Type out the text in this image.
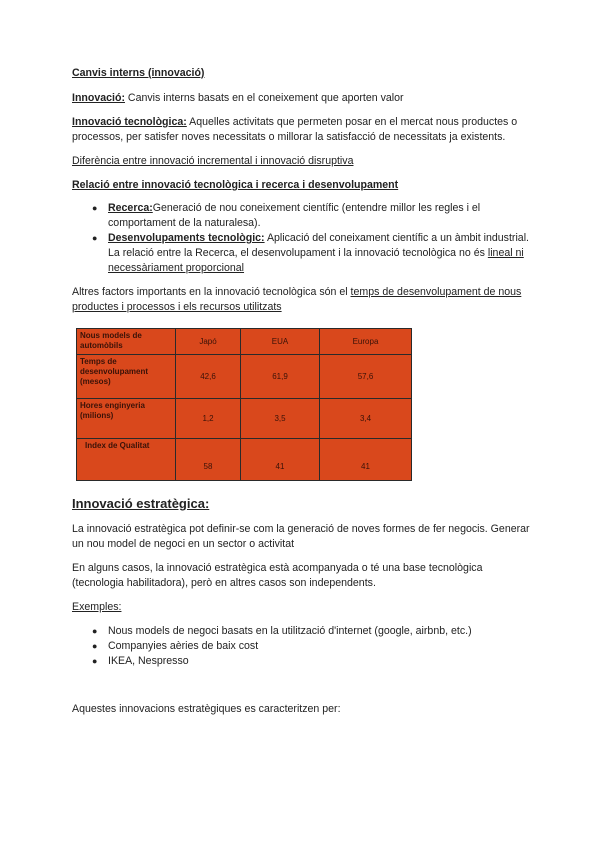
Canvis interns (innovació)

Innovació: Canvis interns basats en el coneixement que aporten valor

Innovació tecnològica: Aquelles activitats que permeten posar en el mercat nous productes o processos, per satisfer noves necessitats o millorar la satisfacció de necessitats ja existents.

Diferència entre innovació incremental i innovació disruptiva

Relació entre innovació tecnològica i recerca i desenvolupament

● Recerca:Generació de nou coneixement científic (entendre millor les regles i el comportament de la naturalesa).
● Desenvolupaments tecnològic: Aplicació del coneixament científic a un àmbit industrial.
La relació entre la Recerca, el desenvolupament i la innovació tecnològica no és lineal ni necessàriament proporcional

Altres factors importants en la innovació tecnològica són el temps de desenvolupament de nous productes i processos i els recursos utilitzats

Nous models de automòbils	Japó	EUA	Europa
Temps de desenvolupament (mesos)	42,6	61,9	57,6
Hores enginyeria (milions)	1,2	3,5	3,4
Index de Qualitat	58	41	41

Innovació estratègica:

La innovació estratègica pot definir-se com la generació de noves formes de fer negocis. Generar un nou model de negoci en un sector o activitat

En alguns casos, la innovació estratègica està acompanyada o té una base tecnològica (tecnologia habilitadora), però en altres casos son independents.

Exemples:

● Nous models de negoci basats en la utilització d'internet (google, airbnb, etc.)
● Companyies aèries de baix cost
● IKEA, Nespresso

Aquestes innovacions estratègiques es caracteritzen per:
